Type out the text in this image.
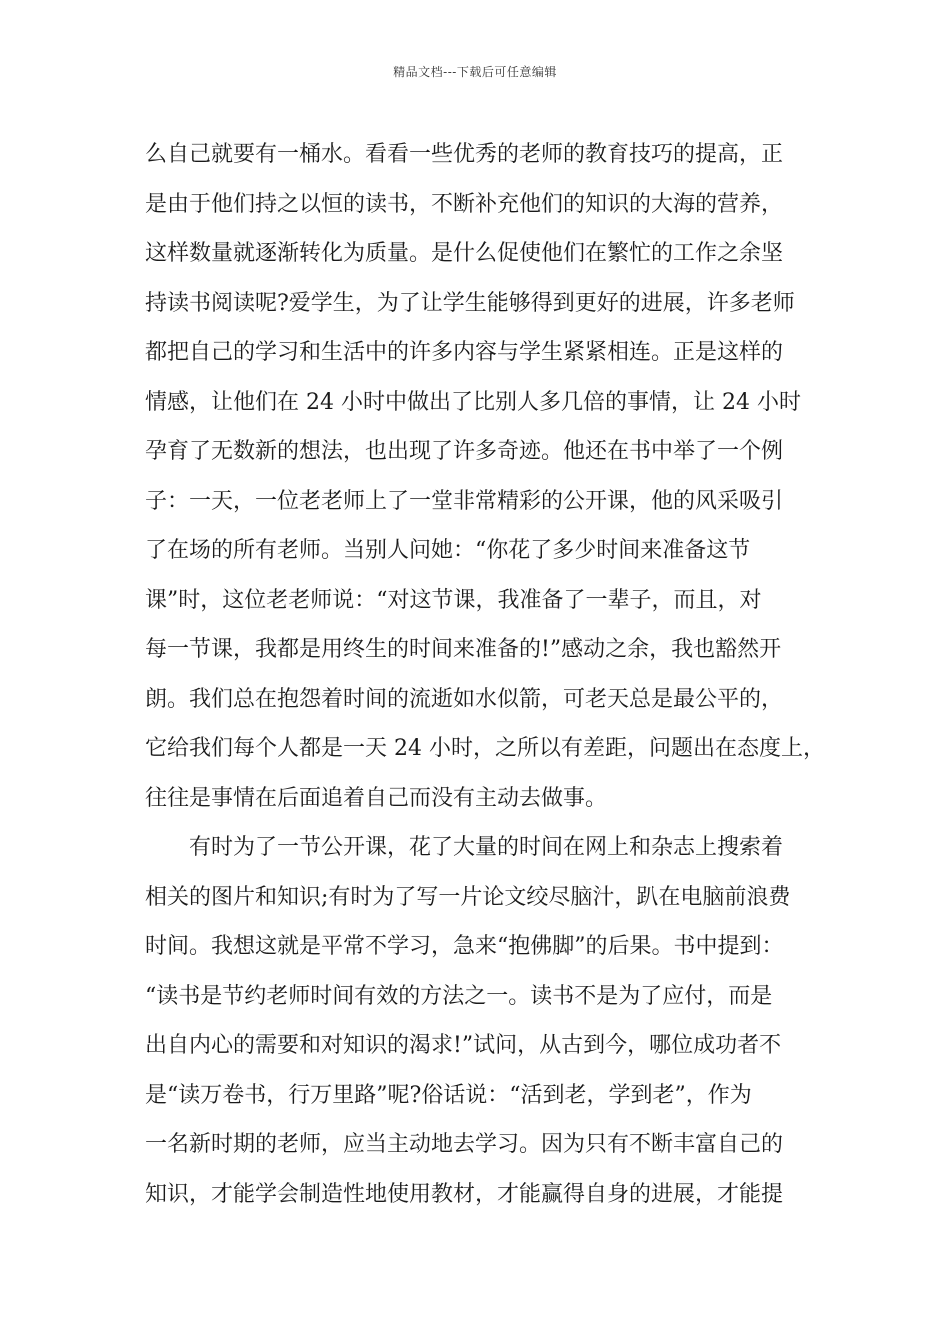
精品文档---下载后可任意编辑
么自己就要有一桶水。看看一些优秀的老师的教育技巧的提高，正
是由于他们持之以恒的读书，不断补充他们的知识的大海的营养，
这样数量就逐渐转化为质量。是什么促使他们在繁忙的工作之余坚
持读书阅读呢?爱学生，为了让学生能够得到更好的进展，许多老师
都把自己的学习和生活中的许多内容与学生紧紧相连。正是这样的
情感，让他们在 24 小时中做出了比别人多几倍的事情，让 24 小时
孕育了无数新的想法，也出现了许多奇迹。他还在书中举了一个例
子：一天，一位老老师上了一堂非常精彩的公开课，他的风采吸引
了在场的所有老师。当别人问她：“你花了多少时间来准备这节
课”时，这位老老师说：“对这节课，我准备了一辈子，而且，对
每一节课，我都是用终生的时间来准备的!”感动之余，我也豁然开
朗。我们总在抱怨着时间的流逝如水似箭，可老天总是最公平的，
它给我们每个人都是一天 24 小时，之所以有差距，问题出在态度上，
往往是事情在后面追着自己而没有主动去做事。
有时为了一节公开课，花了大量的时间在网上和杂志上搜索着
相关的图片和知识;有时为了写一片论文绞尽脑汁，趴在电脑前浪费
时间。我想这就是平常不学习，急来“抱佛脚”的后果。书中提到：
“读书是节约老师时间有效的方法之一。读书不是为了应付，而是
出自内心的需要和对知识的渴求!”试问，从古到今，哪位成功者不
是“读万卷书，行万里路”呢?俗话说：“活到老，学到老”，作为
一名新时期的老师，应当主动地去学习。因为只有不断丰富自己的
知识，才能学会制造性地使用教材，才能赢得自身的进展，才能提
